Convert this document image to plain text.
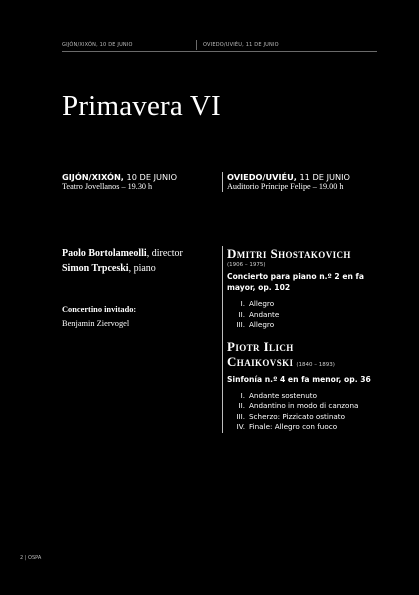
GIJÓN/XIXÓN, 10 DE JUNIO	OVIEDO/UVIÉU, 11 DE JUNIO
Primavera VI
GIJÓN/XIXÓN, 10 DE JUNIO
Teatro Jovellanos – 19.30 h
OVIEDO/UVIÉU, 11 DE JUNIO
Auditorio Príncipe Felipe – 19.00 h
Paolo Bortolameolli, director
Simon Trpceski, piano
Concertino invitado:
Benjamin Ziervogel
Dmitri Shostakovich
(1906 – 1975)
Concierto para piano n.º 2 en fa mayor, op. 102
I. Allegro
II. Andante
III. Allegro
Piotr Ilich
Chaikovski (1840 – 1893)
Sinfonía n.º 4 en fa menor, op. 36
I. Andante sostenuto
II. Andantino in modo di canzona
III. Scherzo: Pizzicato ostinato
IV. Finale: Allegro con fuoco
2 | OSPA
